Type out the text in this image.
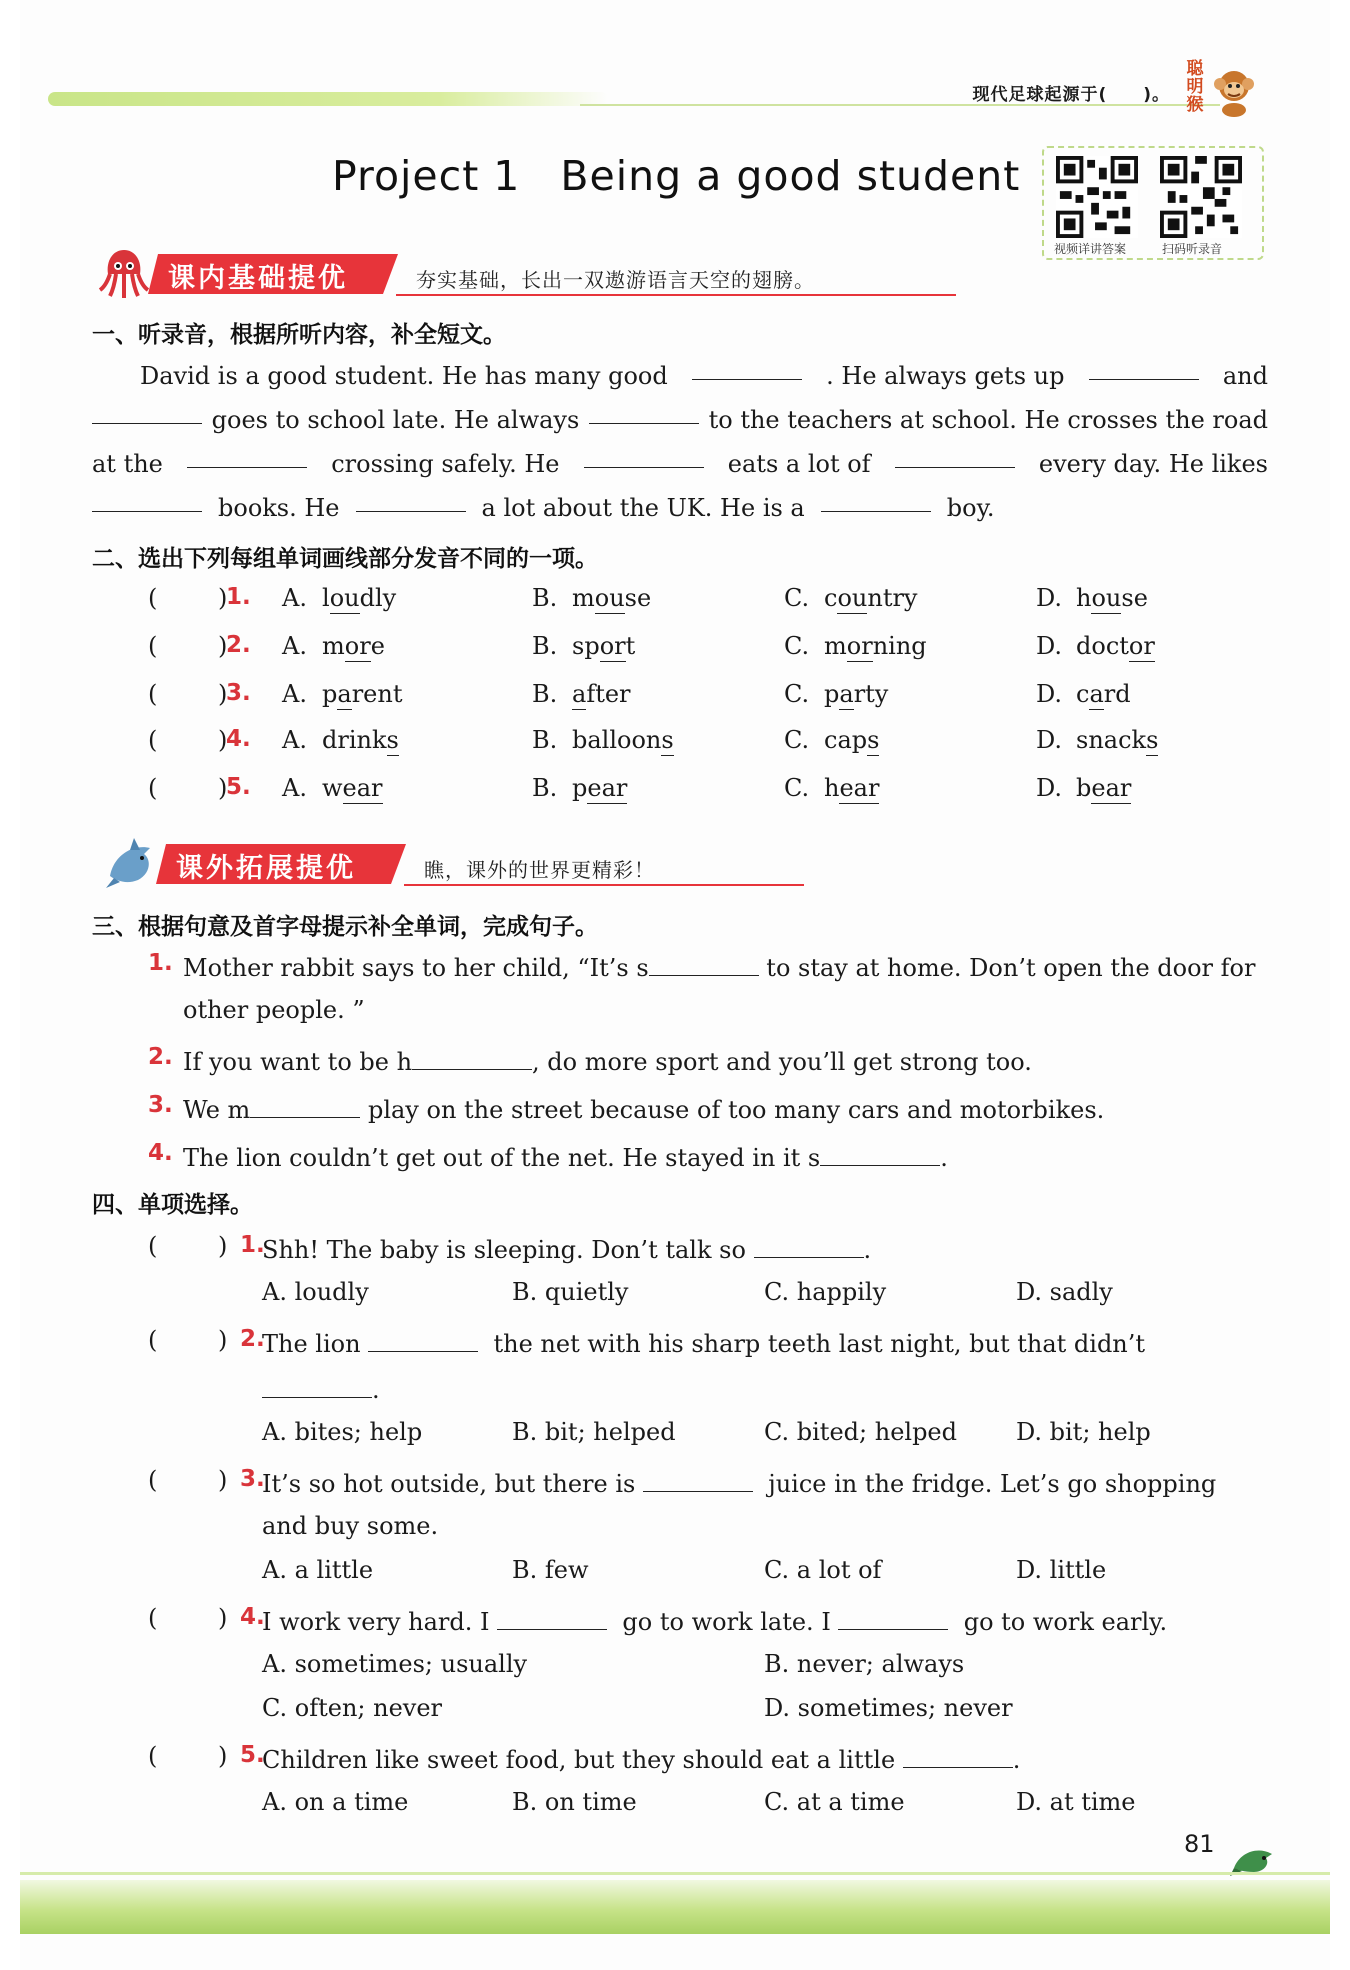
现代足球起源于(　　)。
聪
明
猴
Project 1 Being a good student
视频详讲答案	扫码听录音
课内基础提优	夯实基础，长出一双遨游语言天空的翅膀。
一、听录音，根据所听内容，补全短文。
David is a good student. He has many good	. He always gets up	and
goes to school late. He always	to the teachers at school. He crosses the road
at the	crossing safely. He	eats a lot of	every day. He likes
books. He	a lot about the UK. He is a	boy.
二、选出下列每组单词画线部分发音不同的一项。
(	)
1. A. loudly	B. mouse	C. country	D. house
(	)
2. A. more	B. sport	C. morning	D. doctor
(	)
3. A. parent	B. after	C. party	D. card
(	)
4. A. drinks	B. balloons	C. caps	D. snacks
(	)
5. A. wear	B. pear	C. hear	D. bear
课外拓展提优	瞧，课外的世界更精彩！
三、根据句意及首字母提示补全单词，完成句子。
1. Mother rabbit says to her child, “It’s s	to stay at home. Don’t open the door for
other people. ”
2. If you want to be h	, do more sport and you’ll get strong too.
3. We m	play on the street because of too many cars and motorbikes.
4. The lion couldn’t get out of the net. He stayed in it s	.
四、单项选择。
(	) 1.
Shh! The baby is sleeping. Don’t talk so	.
A. loudly	B. quietly	C. happily	D. sadly
(	) 2.
The lion	the net with his sharp teeth last night, but that didn’t
.
A. bites; help	B. bit; helped	C. bited; helped D. bit; help
(	) 3.
It’s so hot outside, but there is	juice in the fridge. Let’s go shopping
and buy some.
A. a little	B. few	C. a lot of	D. little
(	) 4.
I work very hard. I	go to work late. I	go to work early.
A. sometimes; usually	B. never; always
C. often; never	D. sometimes; never
(	) 5.
Children like sweet food, but they should eat a little	.
A. on a time	B. on time	C. at a time	D. at time
81
